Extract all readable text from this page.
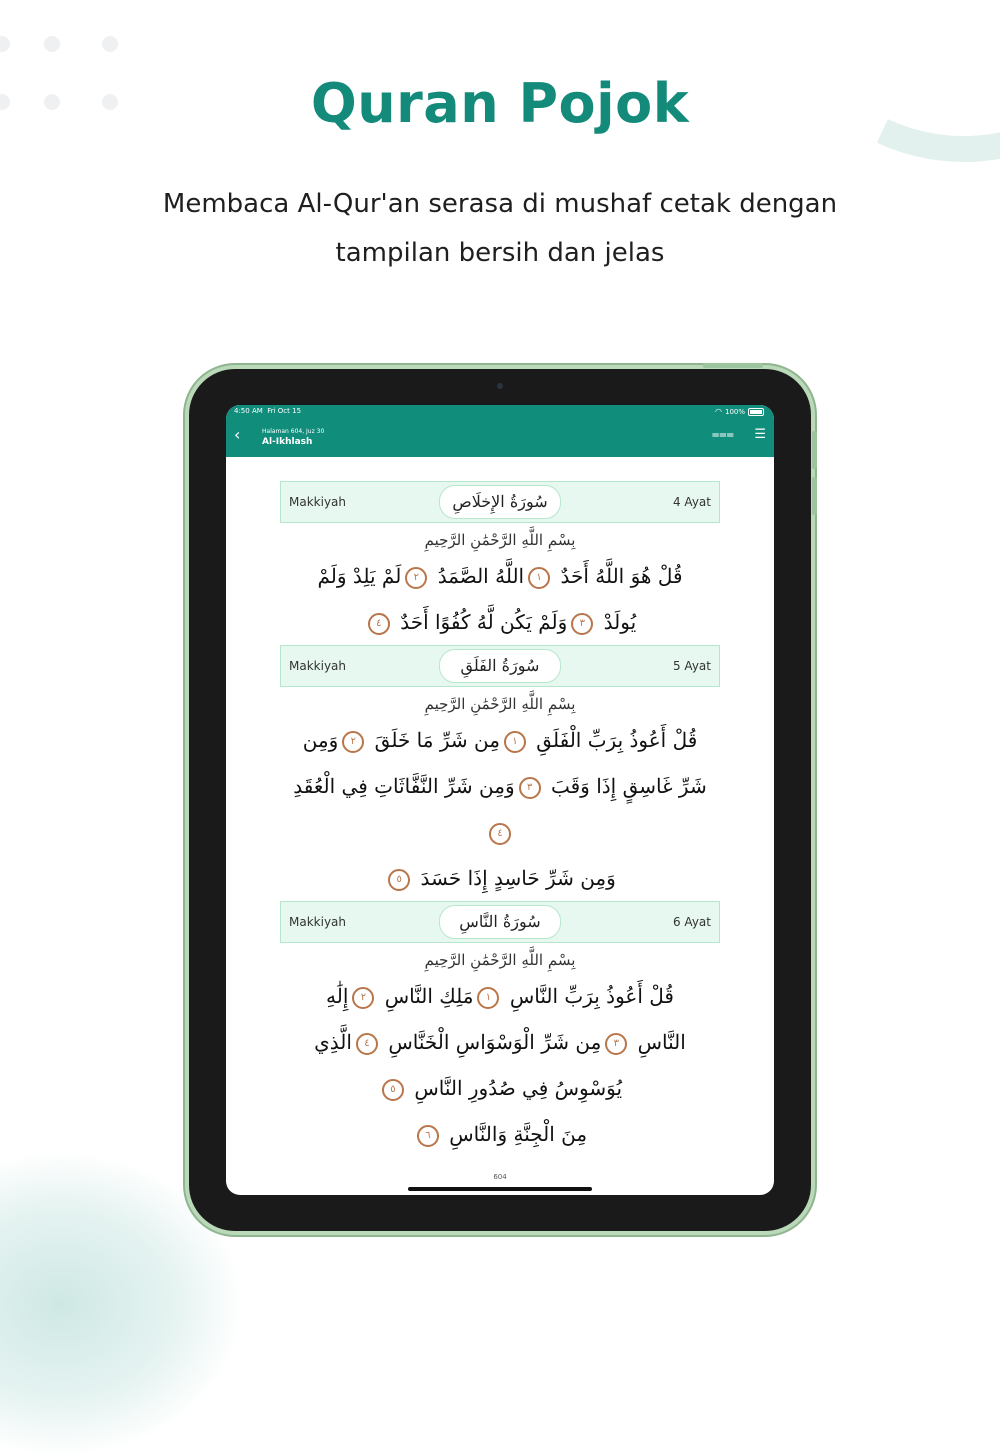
Quran Pojok
Membaca Al-Qur'an serasa di mushaf cetak dengan tampilan bersih dan jelas
4:50 AM Fri Oct 15	◠ 100%
‹	Halaman 604, Juz 30
Al-Ikhlash	⩶ ☰
Makkiyah	سُورَةُ الإِخلَاصِ	4 Ayat
بِسْمِ اللَّهِ الرَّحْمَٰنِ الرَّحِيمِ
قُلْ هُوَ اللَّهُ أَحَدٌ ١اللَّهُ الصَّمَدُ ٢لَمْ يَلِدْ وَلَمْ
يُولَدْ ٣وَلَمْ يَكُن لَّهُ كُفُوًا أَحَدٌ ٤
Makkiyah	سُورَةُ الفَلَقِ	5 Ayat
بِسْمِ اللَّهِ الرَّحْمَٰنِ الرَّحِيمِ
قُلْ أَعُوذُ بِرَبِّ الْفَلَقِ ١مِن شَرِّ مَا خَلَقَ ٢وَمِن
شَرِّ غَاسِقٍ إِذَا وَقَبَ ٣وَمِن شَرِّ النَّفَّاثَاتِ فِي الْعُقَدِ ٤
وَمِن شَرِّ حَاسِدٍ إِذَا حَسَدَ ٥
Makkiyah	سُورَةُ النَّاسِ	6 Ayat
بِسْمِ اللَّهِ الرَّحْمَٰنِ الرَّحِيمِ
قُلْ أَعُوذُ بِرَبِّ النَّاسِ ١مَلِكِ النَّاسِ ٢إِلَٰهِ
النَّاسِ ٣مِن شَرِّ الْوَسْوَاسِ الْخَنَّاسِ ٤الَّذِي
يُوَسْوِسُ فِي صُدُورِ النَّاسِ ٥
مِنَ الْجِنَّةِ وَالنَّاسِ ٦
604
